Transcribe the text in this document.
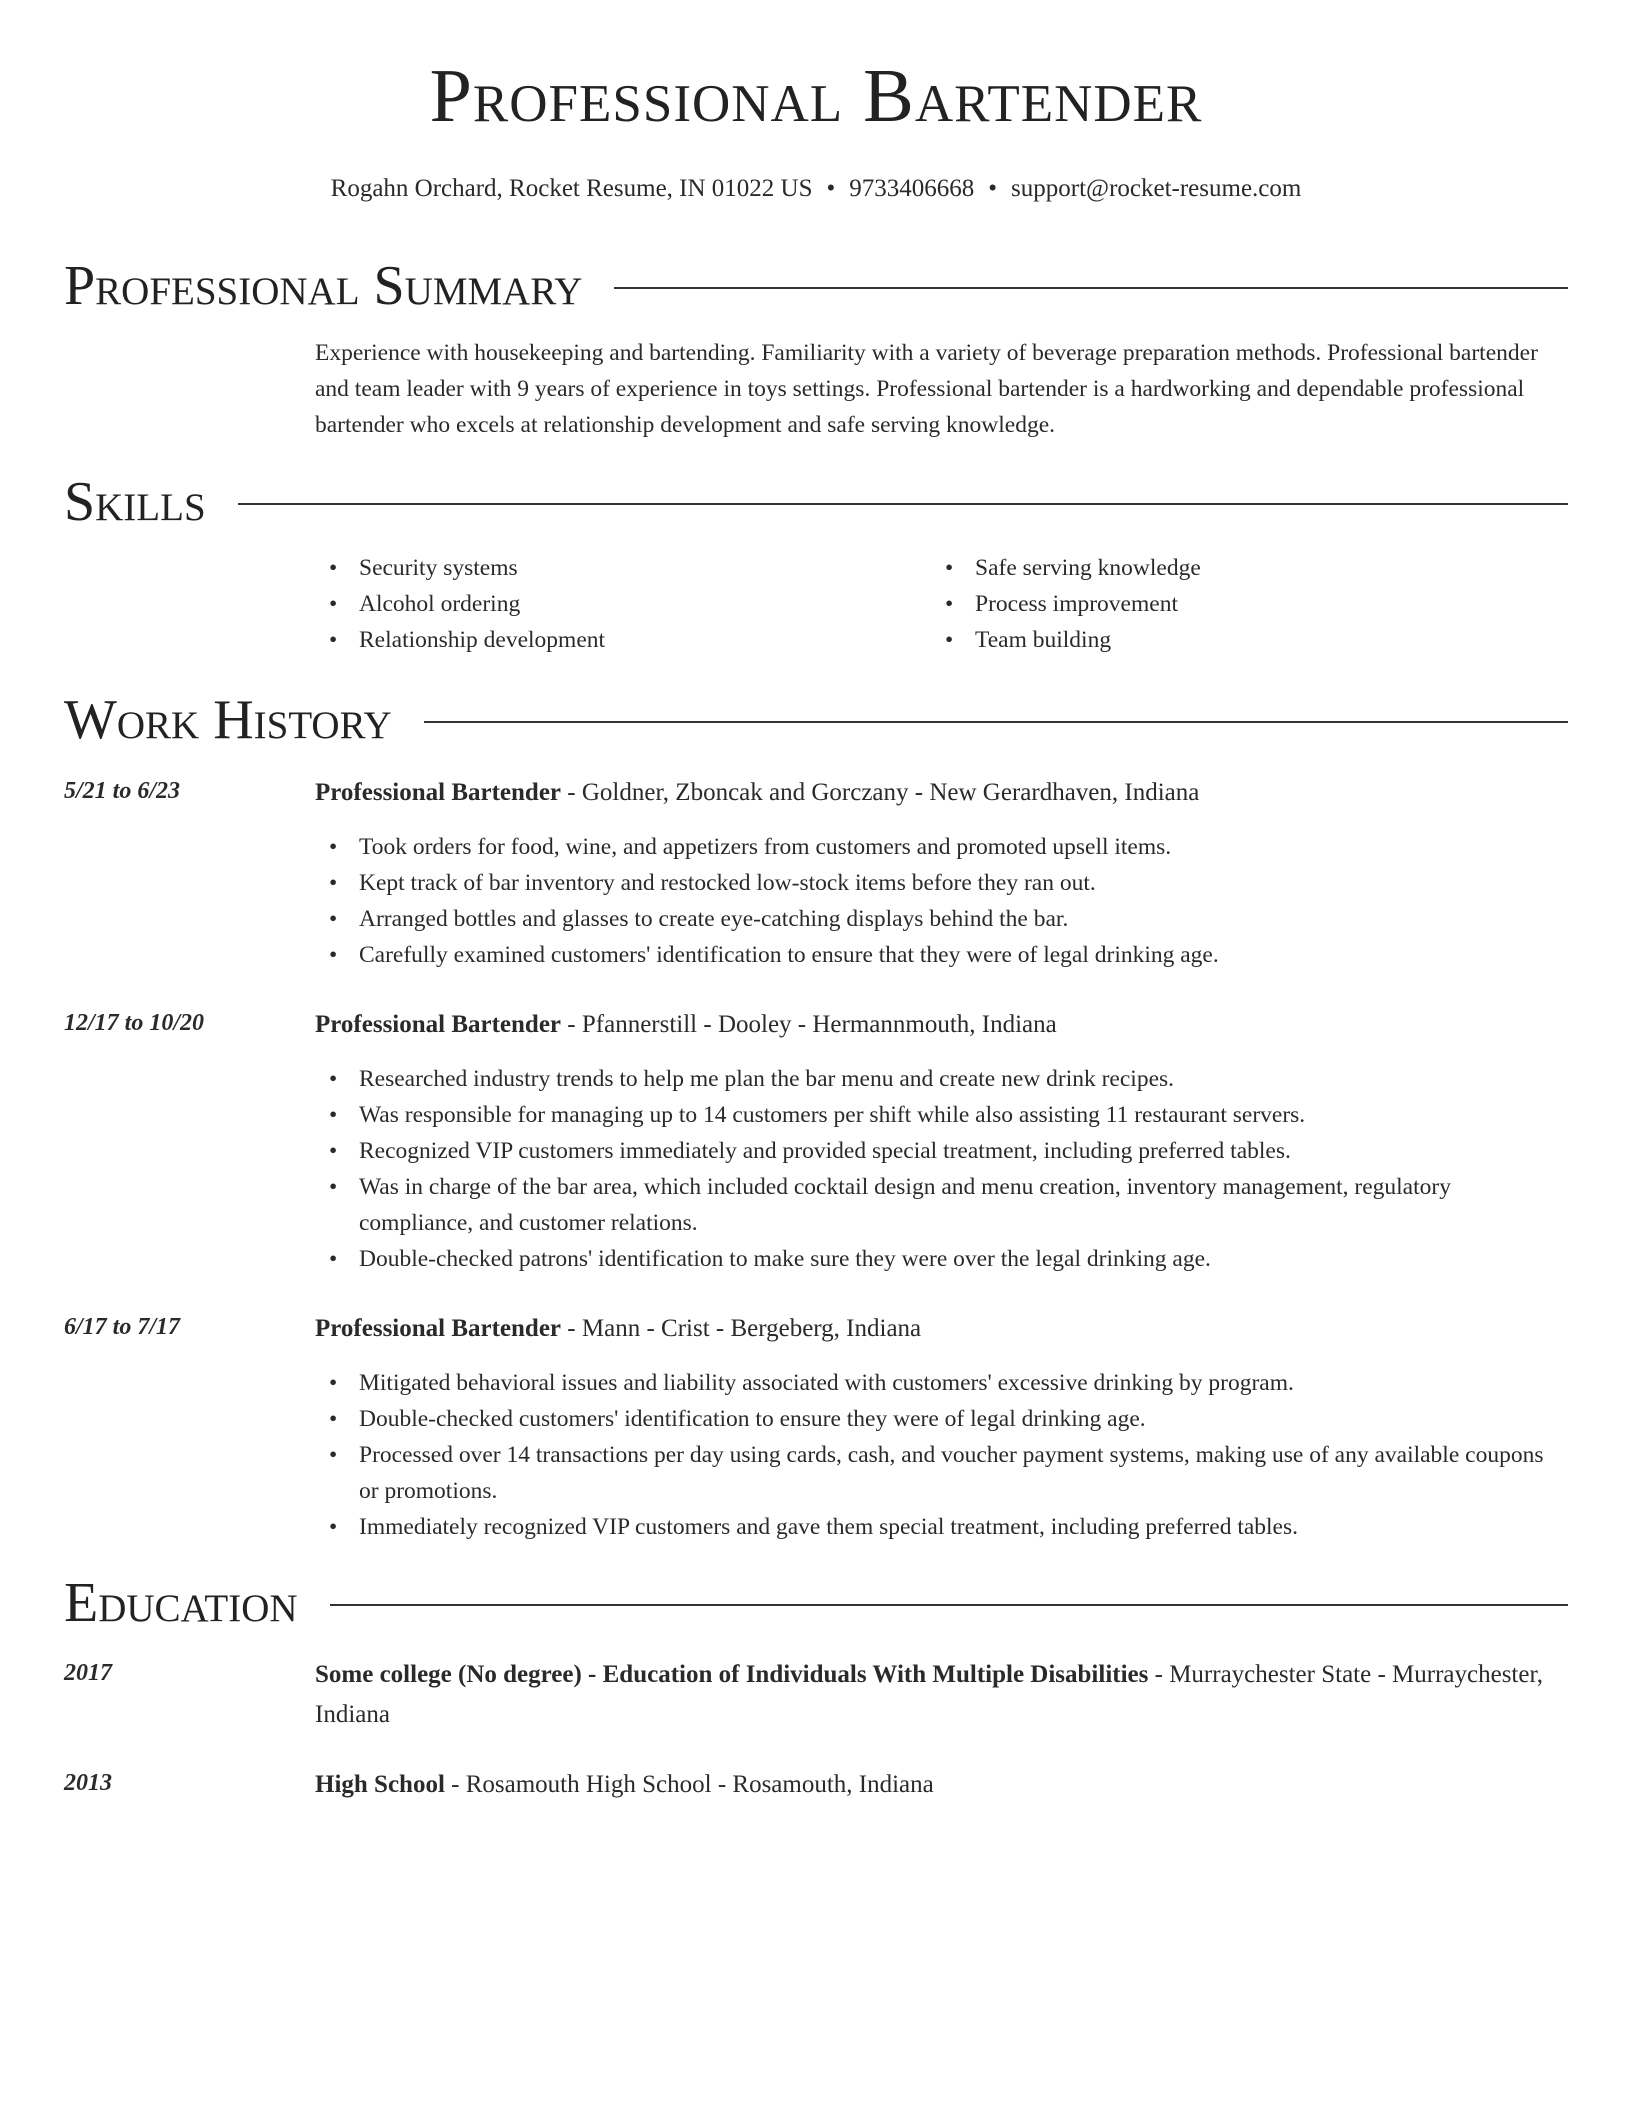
Professional Bartender
Rogahn Orchard, Rocket Resume, IN 01022 US • 9733406668 • support@rocket-resume.com
Professional Summary
Experience with housekeeping and bartending. Familiarity with a variety of beverage preparation methods. Professional bartender and team leader with 9 years of experience in toys settings. Professional bartender is a hardworking and dependable professional bartender who excels at relationship development and safe serving knowledge.
Skills
• Security systems
• Alcohol ordering
• Relationship development
• Safe serving knowledge
• Process improvement
• Team building
Work History
5/21 to 6/23	Professional Bartender - Goldner, Zboncak and Gorczany - New Gerardhaven, Indiana
• Took orders for food, wine, and appetizers from customers and promoted upsell items.
• Kept track of bar inventory and restocked low-stock items before they ran out.
• Arranged bottles and glasses to create eye-catching displays behind the bar.
• Carefully examined customers' identification to ensure that they were of legal drinking age.
12/17 to 10/20	Professional Bartender - Pfannerstill - Dooley - Hermannmouth, Indiana
• Researched industry trends to help me plan the bar menu and create new drink recipes.
• Was responsible for managing up to 14 customers per shift while also assisting 11 restaurant servers.
• Recognized VIP customers immediately and provided special treatment, including preferred tables.
• Was in charge of the bar area, which included cocktail design and menu creation, inventory management, regulatory compliance, and customer relations.
• Double-checked patrons' identification to make sure they were over the legal drinking age.
6/17 to 7/17	Professional Bartender - Mann - Crist - Bergeberg, Indiana
• Mitigated behavioral issues and liability associated with customers' excessive drinking by program.
• Double-checked customers' identification to ensure they were of legal drinking age.
• Processed over 14 transactions per day using cards, cash, and voucher payment systems, making use of any available coupons or promotions.
• Immediately recognized VIP customers and gave them special treatment, including preferred tables.
Education
2017	Some college (No degree) - Education of Individuals With Multiple Disabilities - Murraychester State - Murraychester, Indiana
2013	High School - Rosamouth High School - Rosamouth, Indiana
